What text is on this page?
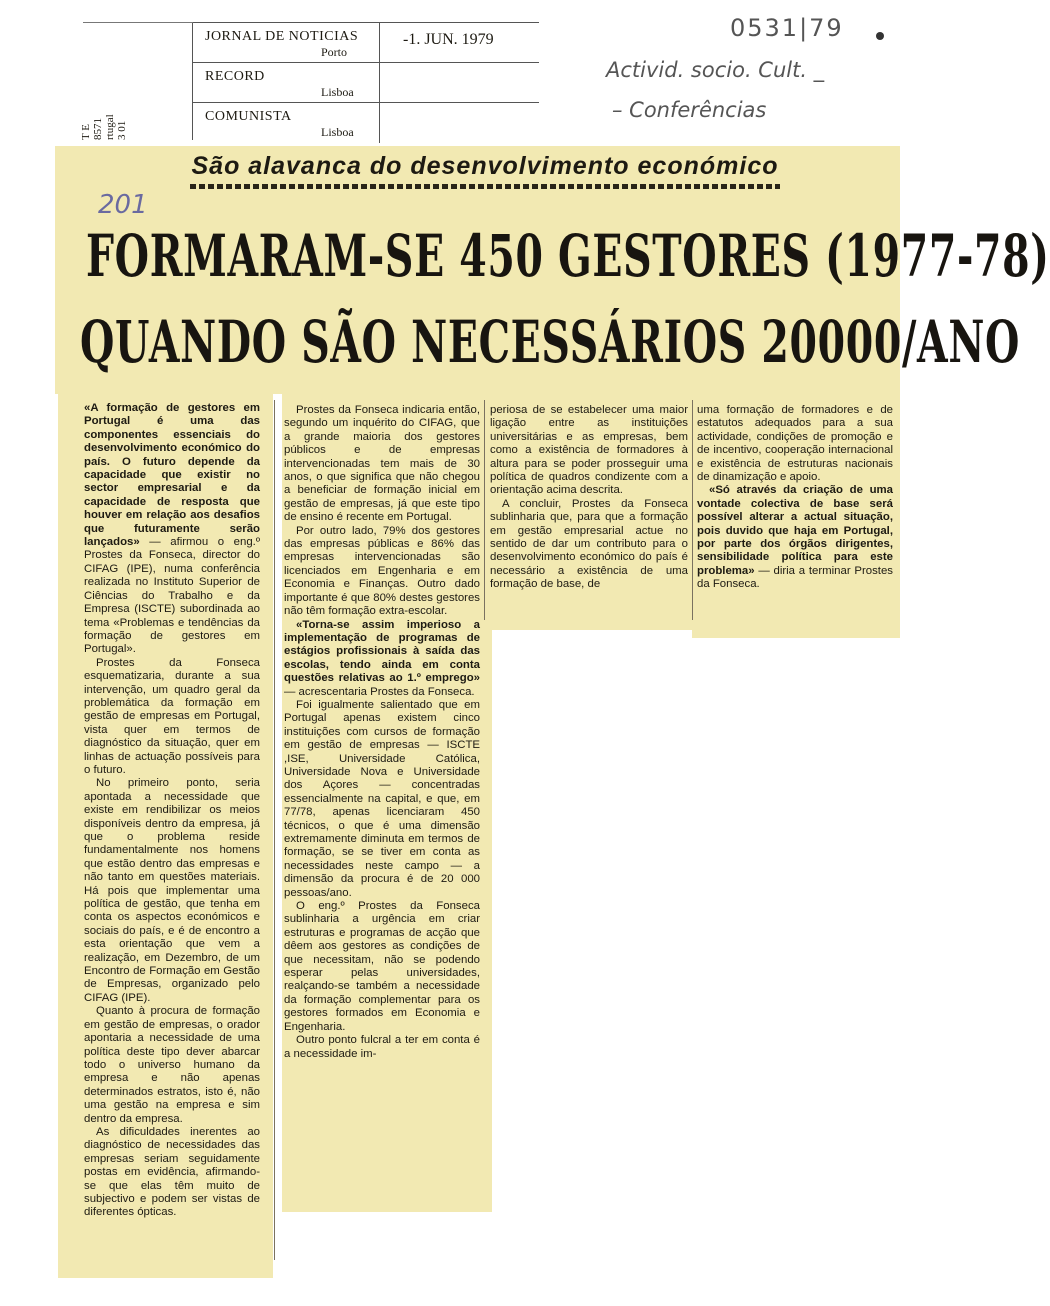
JORNAL DE NOTICIAS
Porto
-1. JUN. 1979
RECORD
Lisboa
COMUNISTA
Lisboa
T E
8571
rtugal
3 01
0531|79
Activid. socio. Cult. _
– Conferências
São alavanca do desenvolvimento económico
201
FORMARAM-SE 450 GESTORES (1977-78)
QUANDO SÃO NECESSÁRIOS 20000/ANO

«A formação de gestores em Portugal é uma das componentes essenciais do desenvolvimento económico do país. O futuro depende da capacidade que existir no sector empresarial e da capacidade de resposta que houver em relação aos desafios que futuramente serão lançados» — afirmou o eng.º Prostes da Fonseca, director do CIFAG (IPE), numa conferência realizada no Instituto Superior de Ciências do Trabalho e da Empresa (ISCTE) subordinada ao tema «Problemas e tendências da formação de gestores em Portugal».

Prostes da Fonseca esquematizaria, durante a sua intervenção, um quadro geral da problemática da formação em gestão de empresas em Portugal, vista quer em termos de diagnóstico da situação, quer em linhas de actuação possíveis para o futuro.

No primeiro ponto, seria apontada a necessidade que existe em rendibilizar os meios disponíveis dentro da empresa, já que o problema reside fundamentalmente nos homens que estão dentro das empresas e não tanto em questões materiais. Há pois que implementar uma política de gestão, que tenha em conta os aspectos económicos e sociais do país, e é de encontro a esta orientação que vem a realização, em Dezembro, de um Encontro de Formação em Gestão de Empresas, organizado pelo CIFAG (IPE).

Quanto à procura de formação em gestão de empresas, o orador apontaria a necessidade de uma política deste tipo dever abarcar todo o universo humano da empresa e não apenas determinados estratos, isto é, não uma gestão na empresa e sim dentro da empresa.

As dificuldades inerentes ao diagnóstico de necessidades das empresas seriam seguidamente postas em evidência, afirmando-se que elas têm muito de subjectivo e podem ser vistas de diferentes ópticas.

Prostes da Fonseca indicaria então, segundo um inquérito do CIFAG, que a grande maioria dos gestores públicos e de empresas intervencionadas tem mais de 30 anos, o que significa que não chegou a beneficiar de formação inicial em gestão de empresas, já que este tipo de ensino é recente em Portugal.

Por outro lado, 79% dos gestores das empresas públicas e 86% das empresas intervencionadas são licenciados em Engenharia e em Economia e Finanças. Outro dado importante é que 80% destes gestores não têm formação extra-escolar.

«Torna-se assim imperioso a implementação de programas de estágios profissionais à saída das escolas, tendo ainda em conta questões relativas ao 1.º emprego» — acrescentaria Prostes da Fonseca.

Foi igualmente salientado que em Portugal apenas existem cinco instituições com cursos de formação em gestão de empresas — ISCTE ,ISE, Universidade Católica, Universidade Nova e Universidade dos Açores — concentradas essencialmente na capital, e que, em 77/78, apenas licenciaram 450 técnicos, o que é uma dimensão extremamente diminuta em termos de formação, se se tiver em conta as necessidades neste campo — a dimensão da procura é de 20 000 pessoas/ano.

O eng.º Prostes da Fonseca sublinharia a urgência em criar estruturas e programas de acção que dêem aos gestores as condições de que necessitam, não se podendo esperar pelas universidades, realçando-se também a necessidade da formação complementar para os gestores formados em Economia e Engenharia.

Outro ponto fulcral a ter em conta é a necessidade im-

periosa de se estabelecer uma maior ligação entre as instituições universitárias e as empresas, bem como a existência de formadores à altura para se poder prosseguir uma política de quadros condizente com a orientação acima descrita.

A concluir, Prostes da Fonseca sublinharia que, para que a formação em gestão empresarial actue no sentido de dar um contributo para o desenvolvimento económico do país é necessário a existência de uma formação de base, de

uma formação de formadores e de estatutos adequados para a sua actividade, condições de promoção e de incentivo, cooperação internacional e existência de estruturas nacionais de dinamização e apoio.

«Só através da criação de uma vontade colectiva de base será possível alterar a actual situação, pois duvido que haja em Portugal, por parte dos órgãos dirigentes, sensibilidade política para este problema» — diria a terminar Prostes da Fonseca.
